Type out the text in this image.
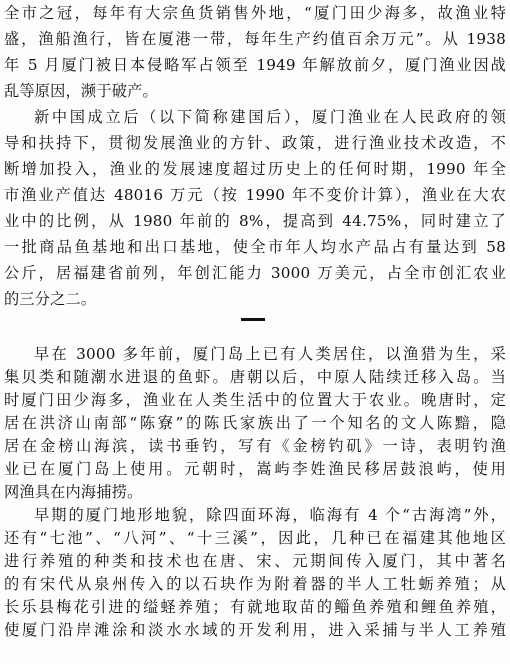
全市之冠，每年有大宗鱼货销售外地，“厦门田少海多，故渔业特
盛，渔船渔行，皆在厦港一带，每年生产约值百余万元”。从 1938
年 5 月厦门被日本侵略军占领至 1949 年解放前夕，厦门渔业因战
乱等原因，濒于破产。
新中国成立后（以下简称建国后），厦门渔业在人民政府的领
导和扶持下，贯彻发展渔业的方针、政策，进行渔业技术改造，不
断增加投入，渔业的发展速度超过历史上的任何时期，1990 年全
市渔业产值达 48016 万元（按 1990 年不变价计算），渔业在大农
业中的比例，从 1980 年前的 8%，提高到 44.75%，同时建立了
一批商品鱼基地和出口基地，使全市年人均水产品占有量达到 58
公斤，居福建省前列，年创汇能力 3000 万美元，占全市创汇农业
的三分之二。
早在 3000 多年前，厦门岛上已有人类居住，以渔猎为生，采
集贝类和随潮水进退的鱼虾。唐朝以后，中原人陆续迁移入岛。当
时厦门田少海多，渔业在人类生活中的位置大于农业。晚唐时，定
居在洪济山南部“陈寮”的陈氏家族出了一个知名的文人陈黯，隐
居在金榜山海滨，读书垂钓，写有《金榜钓矶》一诗，表明钓渔
业已在厦门岛上使用。元朝时，嵩屿李姓渔民移居鼓浪屿，使用
网渔具在内海捕捞。
早期的厦门地形地貌，除四面环海，临海有 4 个“古海湾”外，
还有“七池”、“八河”、“十三溪”，因此，几种已在福建其他地区
进行养殖的种类和技术也在唐、宋、元期间传入厦门，其中著名
的有宋代从泉州传入的以石块作为附着器的半人工牡蛎养殖；从
长乐县梅花引进的缢蛏养殖；有就地取苗的鲻鱼养殖和鲤鱼养殖，
使厦门沿岸滩涂和淡水水域的开发利用，进入采捕与半人工养殖
